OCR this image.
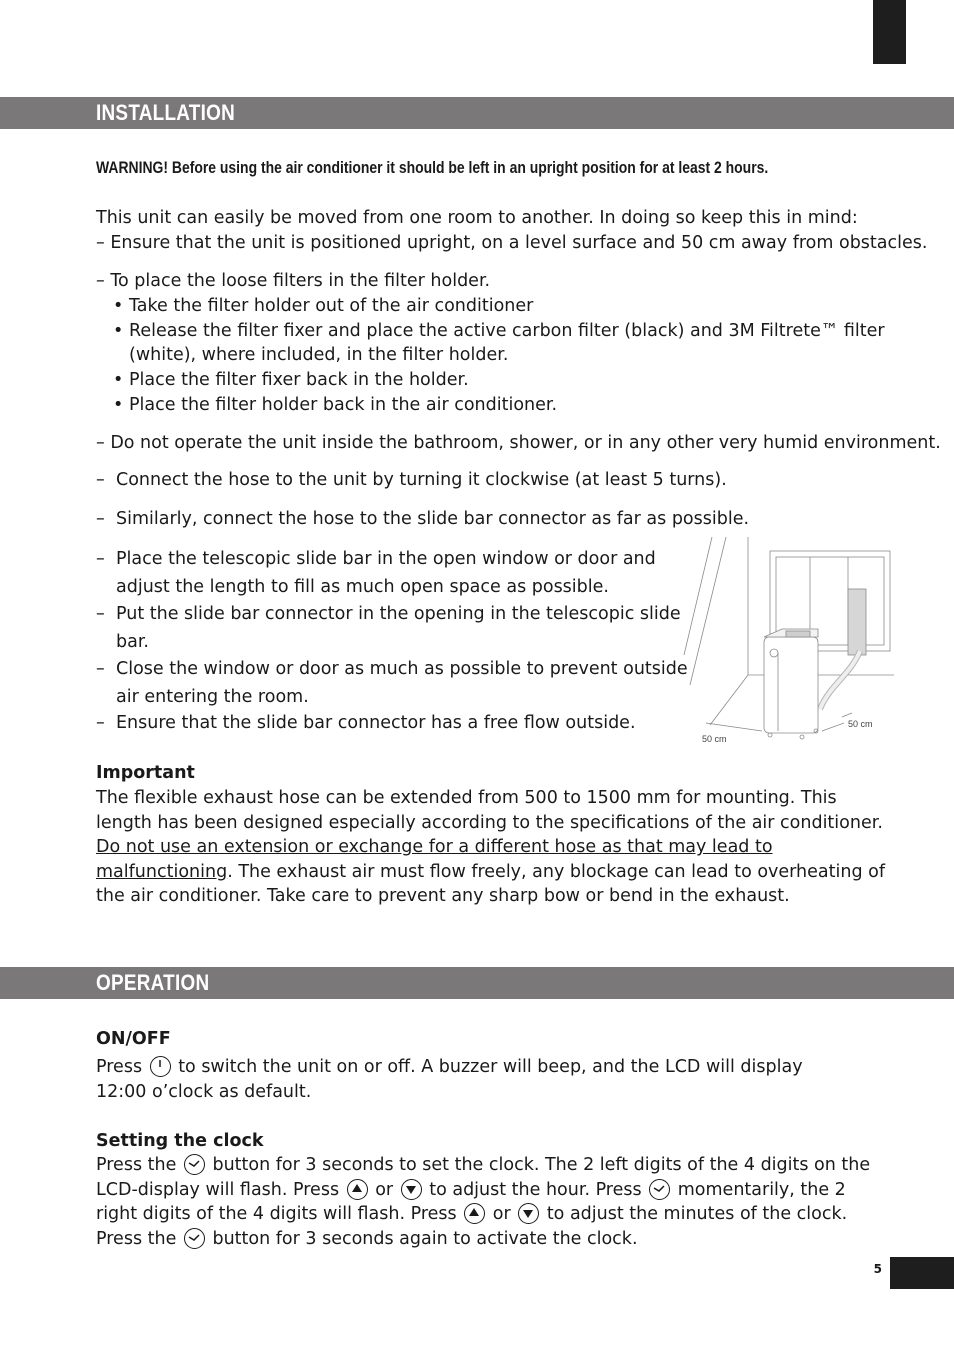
5
INSTALLATION

WARNING! Before using the air conditioner it should be left in an upright position for at least 2 hours.

This unit can easily be moved from one room to another. In doing so keep this in mind:

– Ensure that the unit is positioned upright, on a level surface and 50 cm away from obstacles.

– To place the loose filters in the filter holder.

• Take the filter holder out of the air conditioner
• Release the filter fixer and place the active carbon filter (black) and 3M Filtrete™ filter
(white), where included, in the filter holder.
• Place the filter fixer back in the holder.
• Place the filter holder back in the air conditioner.

– Do not operate the unit inside the bathroom, shower, or in any other very humid environment.

– Connect the hose to the unit by turning it clockwise (at least 5 turns).
– Similarly, connect the hose to the slide bar connector as far as possible.
– Place the telescopic slide bar in the open window or door and
adjust the length to fill as much open space as possible.
– Put the slide bar connector in the opening in the telescopic slide
bar.
– Close the window or door as much as possible to prevent outside
air entering the room.
– Ensure that the slide bar connector has a free flow outside.
50 cm
50 cm

Important

The flexible exhaust hose can be extended from 500 to 1500 mm for mounting. This length has been designed especially according to the specifications of the air conditioner. Do not use an extension or exchange for a different hose as that may lead to malfunctioning. The exhaust air must flow freely, any blockage can lead to overheating of the air conditioner. Take care to prevent any sharp bow or bend in the exhaust.

OPERATION

ON/OFF

Press
to switch the unit on or off. A buzzer will beep, and the LCD will display 12:00 o’clock as default.

Setting the clock

Press the
button for 3 seconds to set the clock. The 2 left digits of the 4 digits on the LCD-display will flash. Press
or
to adjust the hour. Press
momentarily, the 2 right digits of the 4 digits will flash. Press
or
to adjust the minutes of the clock. Press the
button for 3 seconds again to activate the clock.
